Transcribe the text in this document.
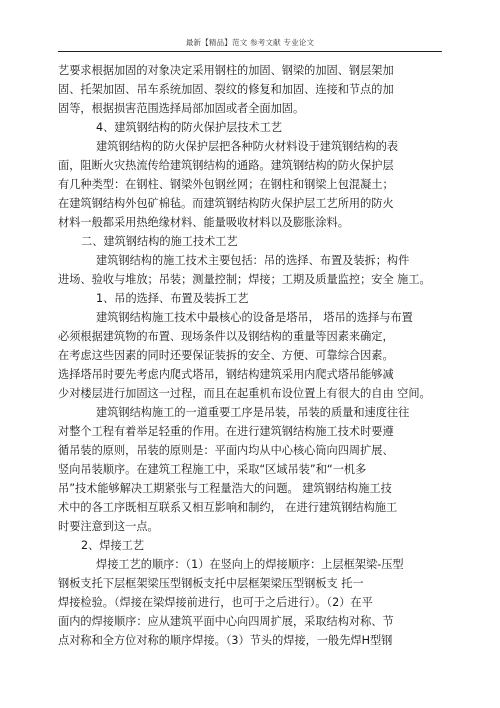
最新【精品】范文 参考文献 专业论文
艺要求根据加固的对象决定采用钢柱的加固、钢梁的加固、钢层架加
固、托架加固、吊车系统加固、裂纹的修复和加固、连接和节点的加
固等，根据损害范围选择局部加固或者全面加固。
4、建筑钢结构的防火保护层技术工艺
建筑钢结构的防火保护层把各种防火材料设于建筑钢结构的表
面，阻断火灾热流传给建筑钢结构的通路。建筑钢结构的防火保护层
有几种类型：在钢柱、钢梁外包钢丝网；在钢柱和钢梁上包混凝土；
在建筑钢结构外包矿棉毡。而建筑钢结构防火保护层工艺所用的防火
材料一般都采用热绝缘材料、能量吸收材料以及膨胀涂料。
二、建筑钢结构的施工技术工艺
建筑钢结构的施工技术主要包括：吊的选择、布置及装拆；构件
进场、验收与堆放；吊装；测量控制；焊接；工期及质量监控；安全 施工。
1、吊的选择、布置及装拆工艺
建筑钢结构施工技术中最核心的设备是塔吊， 塔吊的选择与布置
必须根据建筑物的布置、现场条件以及钢结构的重量等因素来确定，
在考虑这些因素的同时还要保证装拆的安全、方便、可靠综合因素。
选择塔吊时要先考虑内爬式塔吊，钢结构建筑采用内爬式塔吊能够减
少对楼层进行加固这一过程，而且在起重机布设位置上有很大的自由 空间。
建筑钢结构施工的一道重要工序是吊装，吊装的质量和速度往往
对整个工程有着举足轻重的作用。在进行建筑钢结构施工技术时要遵
循吊装的原则，吊装的原则是：平面内均从中心核心筒向四周扩展、
竖向吊装顺序。在建筑工程施工中，采取“区域吊装”和“一机多
吊”技术能够解决工期紧张与工程量浩大的问题。 建筑钢结构施工技
术中的各工序既相互联系又相互影响和制约， 在进行建筑钢结构施工
时要注意到这一点。
2、焊接工艺
焊接工艺的顺序：（1）在竖向上的焊接顺序：上层框架梁-压型
钢板支托下层框架梁压型钢板支托中层框架梁压型钢板支 托一
焊接检验。（焊接在梁焊接前进行，也可于之后进行）。（2）在平
面内的焊接顺序：应从建筑平面中心向四周扩展，采取结构对称、节
点对称和全方位对称的顺序焊接。（3）节头的焊接，一般先焊H型钢
